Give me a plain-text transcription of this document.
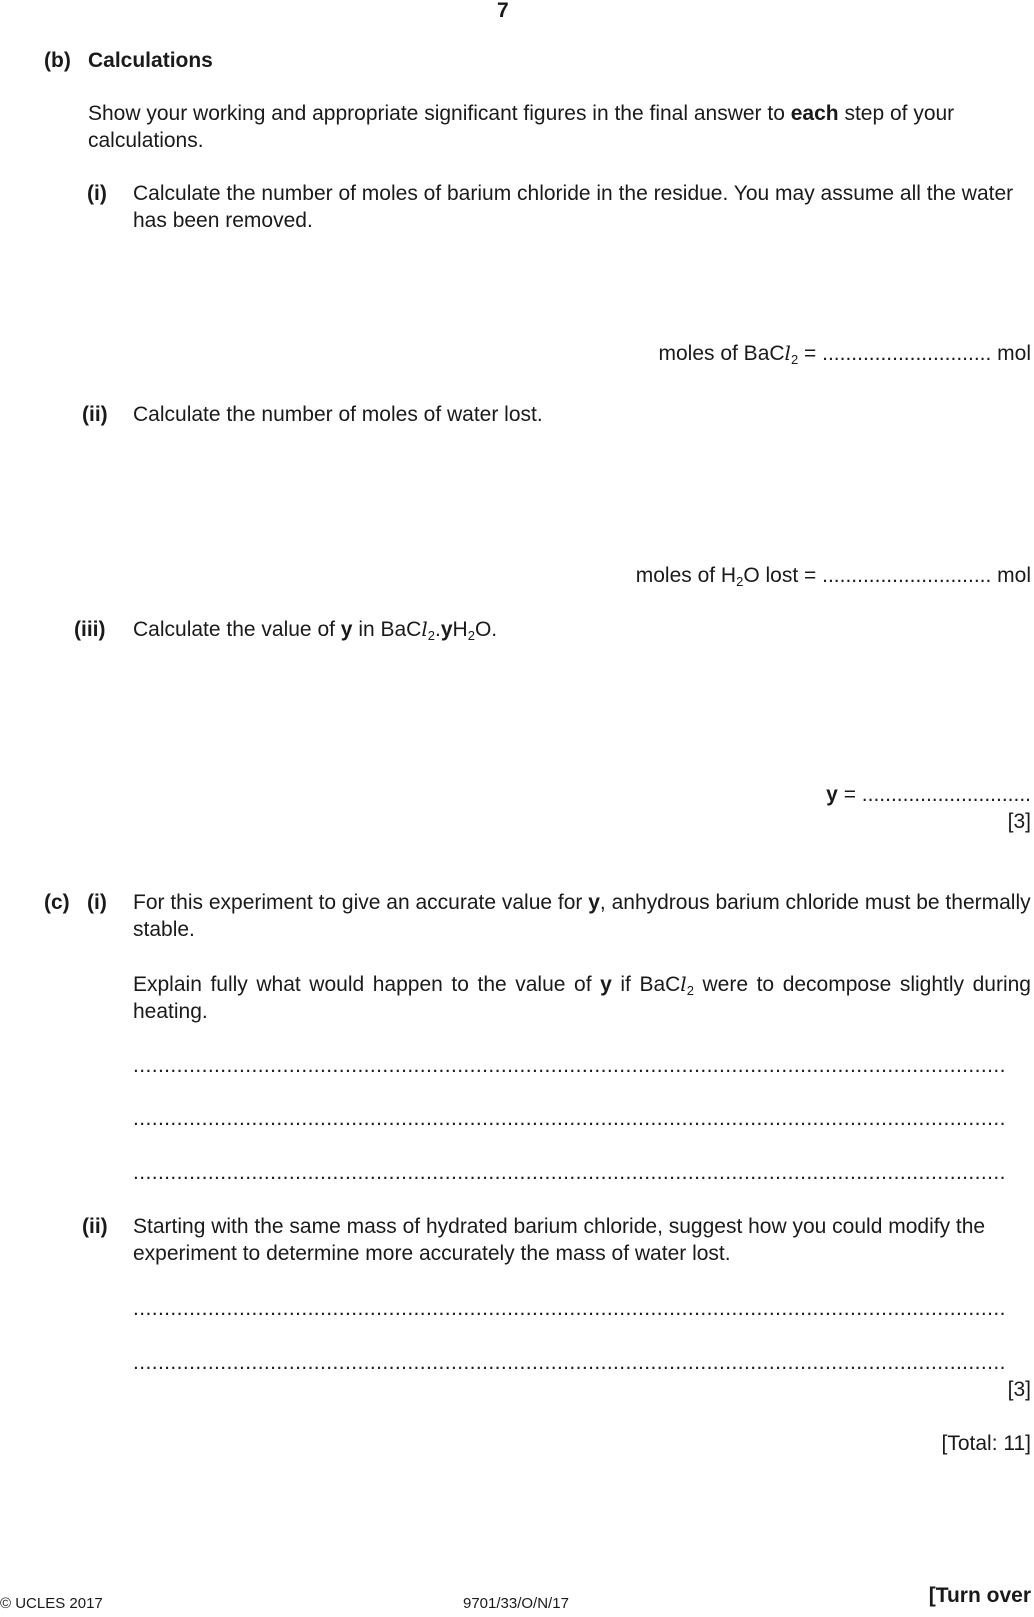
7
(b) Calculations

Show your working and appropriate significant figures in the final answer to each step of your calculations.

(i) Calculate the number of moles of barium chloride in the residue. You may assume all the water has been removed.

moles of BaCl$_2$ = ............................. mol
(ii) Calculate the number of moles of water lost.

moles of $H_2O$ lost = ............................. mol
(iii) Calculate the value of y in $BaCl_2.yH_2O$.

y = .............................
[3]
(c) (i) For this experiment to give an accurate value for y, anhydrous barium chloride must be thermally stable.

Explain fully what would happen to the value of y if BaCl$_2$ were to decompose slightly during heating.

............................................................................................................................................
............................................................................................................................................
............................................................................................................................................
(ii) Starting with the same mass of hydrated barium chloride, suggest how you could modify the experiment to determine more accurately the mass of water lost.

............................................................................................................................................
............................................................................................................................................
[3]
[Total: 11]
© UCLES 2017	9701/33/O/N/17	[Turn over
